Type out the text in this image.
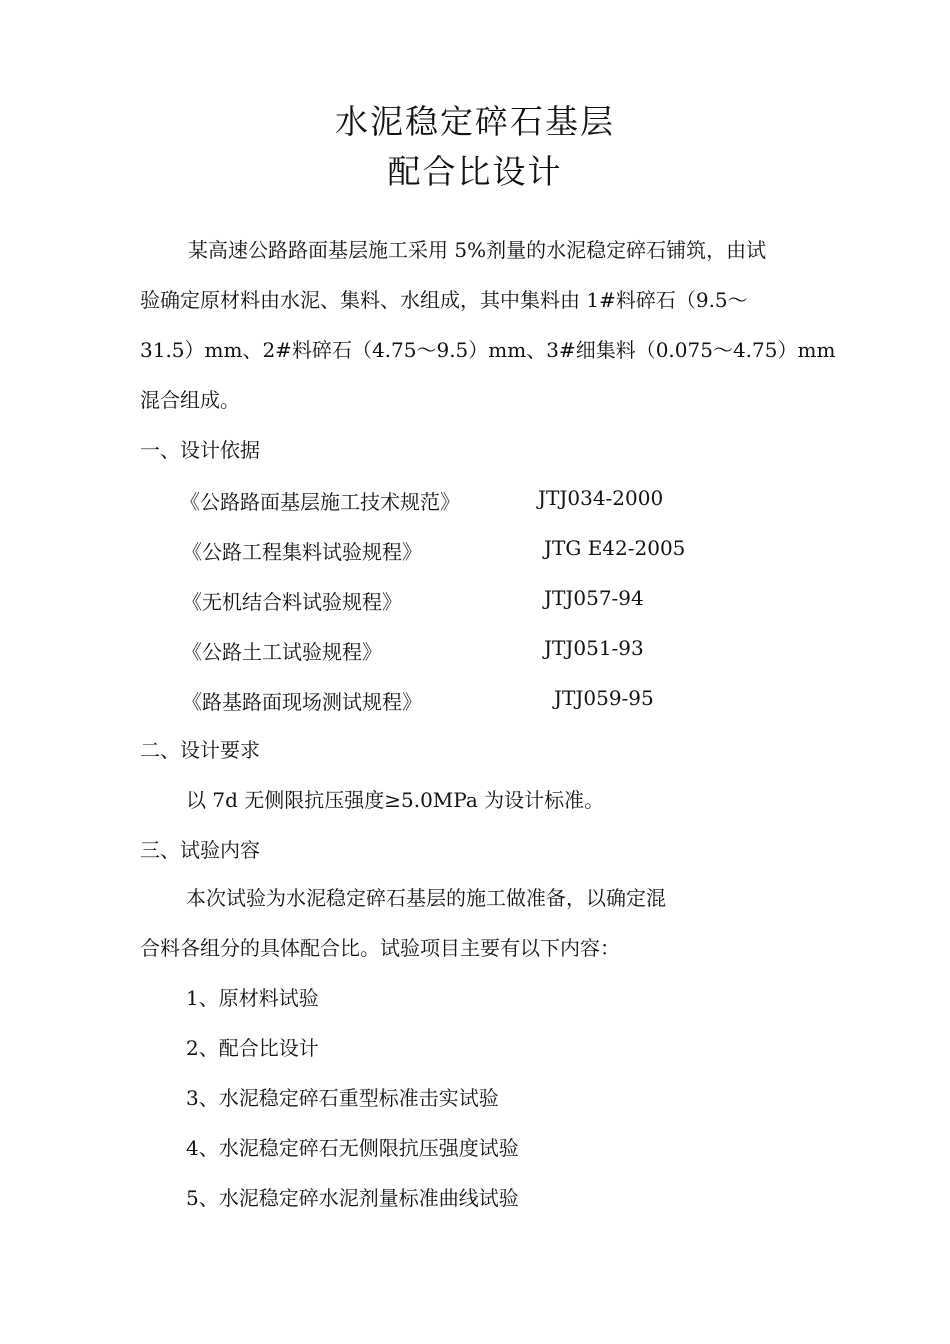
水泥稳定碎石基层
配合比设计
某高速公路路面基层施工采用 5%剂量的水泥稳定碎石铺筑，由试
验确定原材料由水泥、集料、水组成，其中集料由 1#料碎石（9.5～
31.5）mm、2#料碎石（4.75～9.5）mm、3#细集料（0.075～4.75）mm
混合组成。
一、设计依据
《公路路面基层施工技术规范》	JTJ034-2000
《公路工程集料试验规程》	JTG E42-2005
《无机结合料试验规程》	JTJ057-94
《公路土工试验规程》	JTJ051-93
《路基路面现场测试规程》	JTJ059-95
二、设计要求
以 7d 无侧限抗压强度≥5.0MPa 为设计标准。
三、试验内容
本次试验为水泥稳定碎石基层的施工做准备，以确定混
合料各组分的具体配合比。试验项目主要有以下内容：
1、原材料试验
2、配合比设计
3、水泥稳定碎石重型标准击实试验
4、水泥稳定碎石无侧限抗压强度试验
5、水泥稳定碎水泥剂量标准曲线试验
